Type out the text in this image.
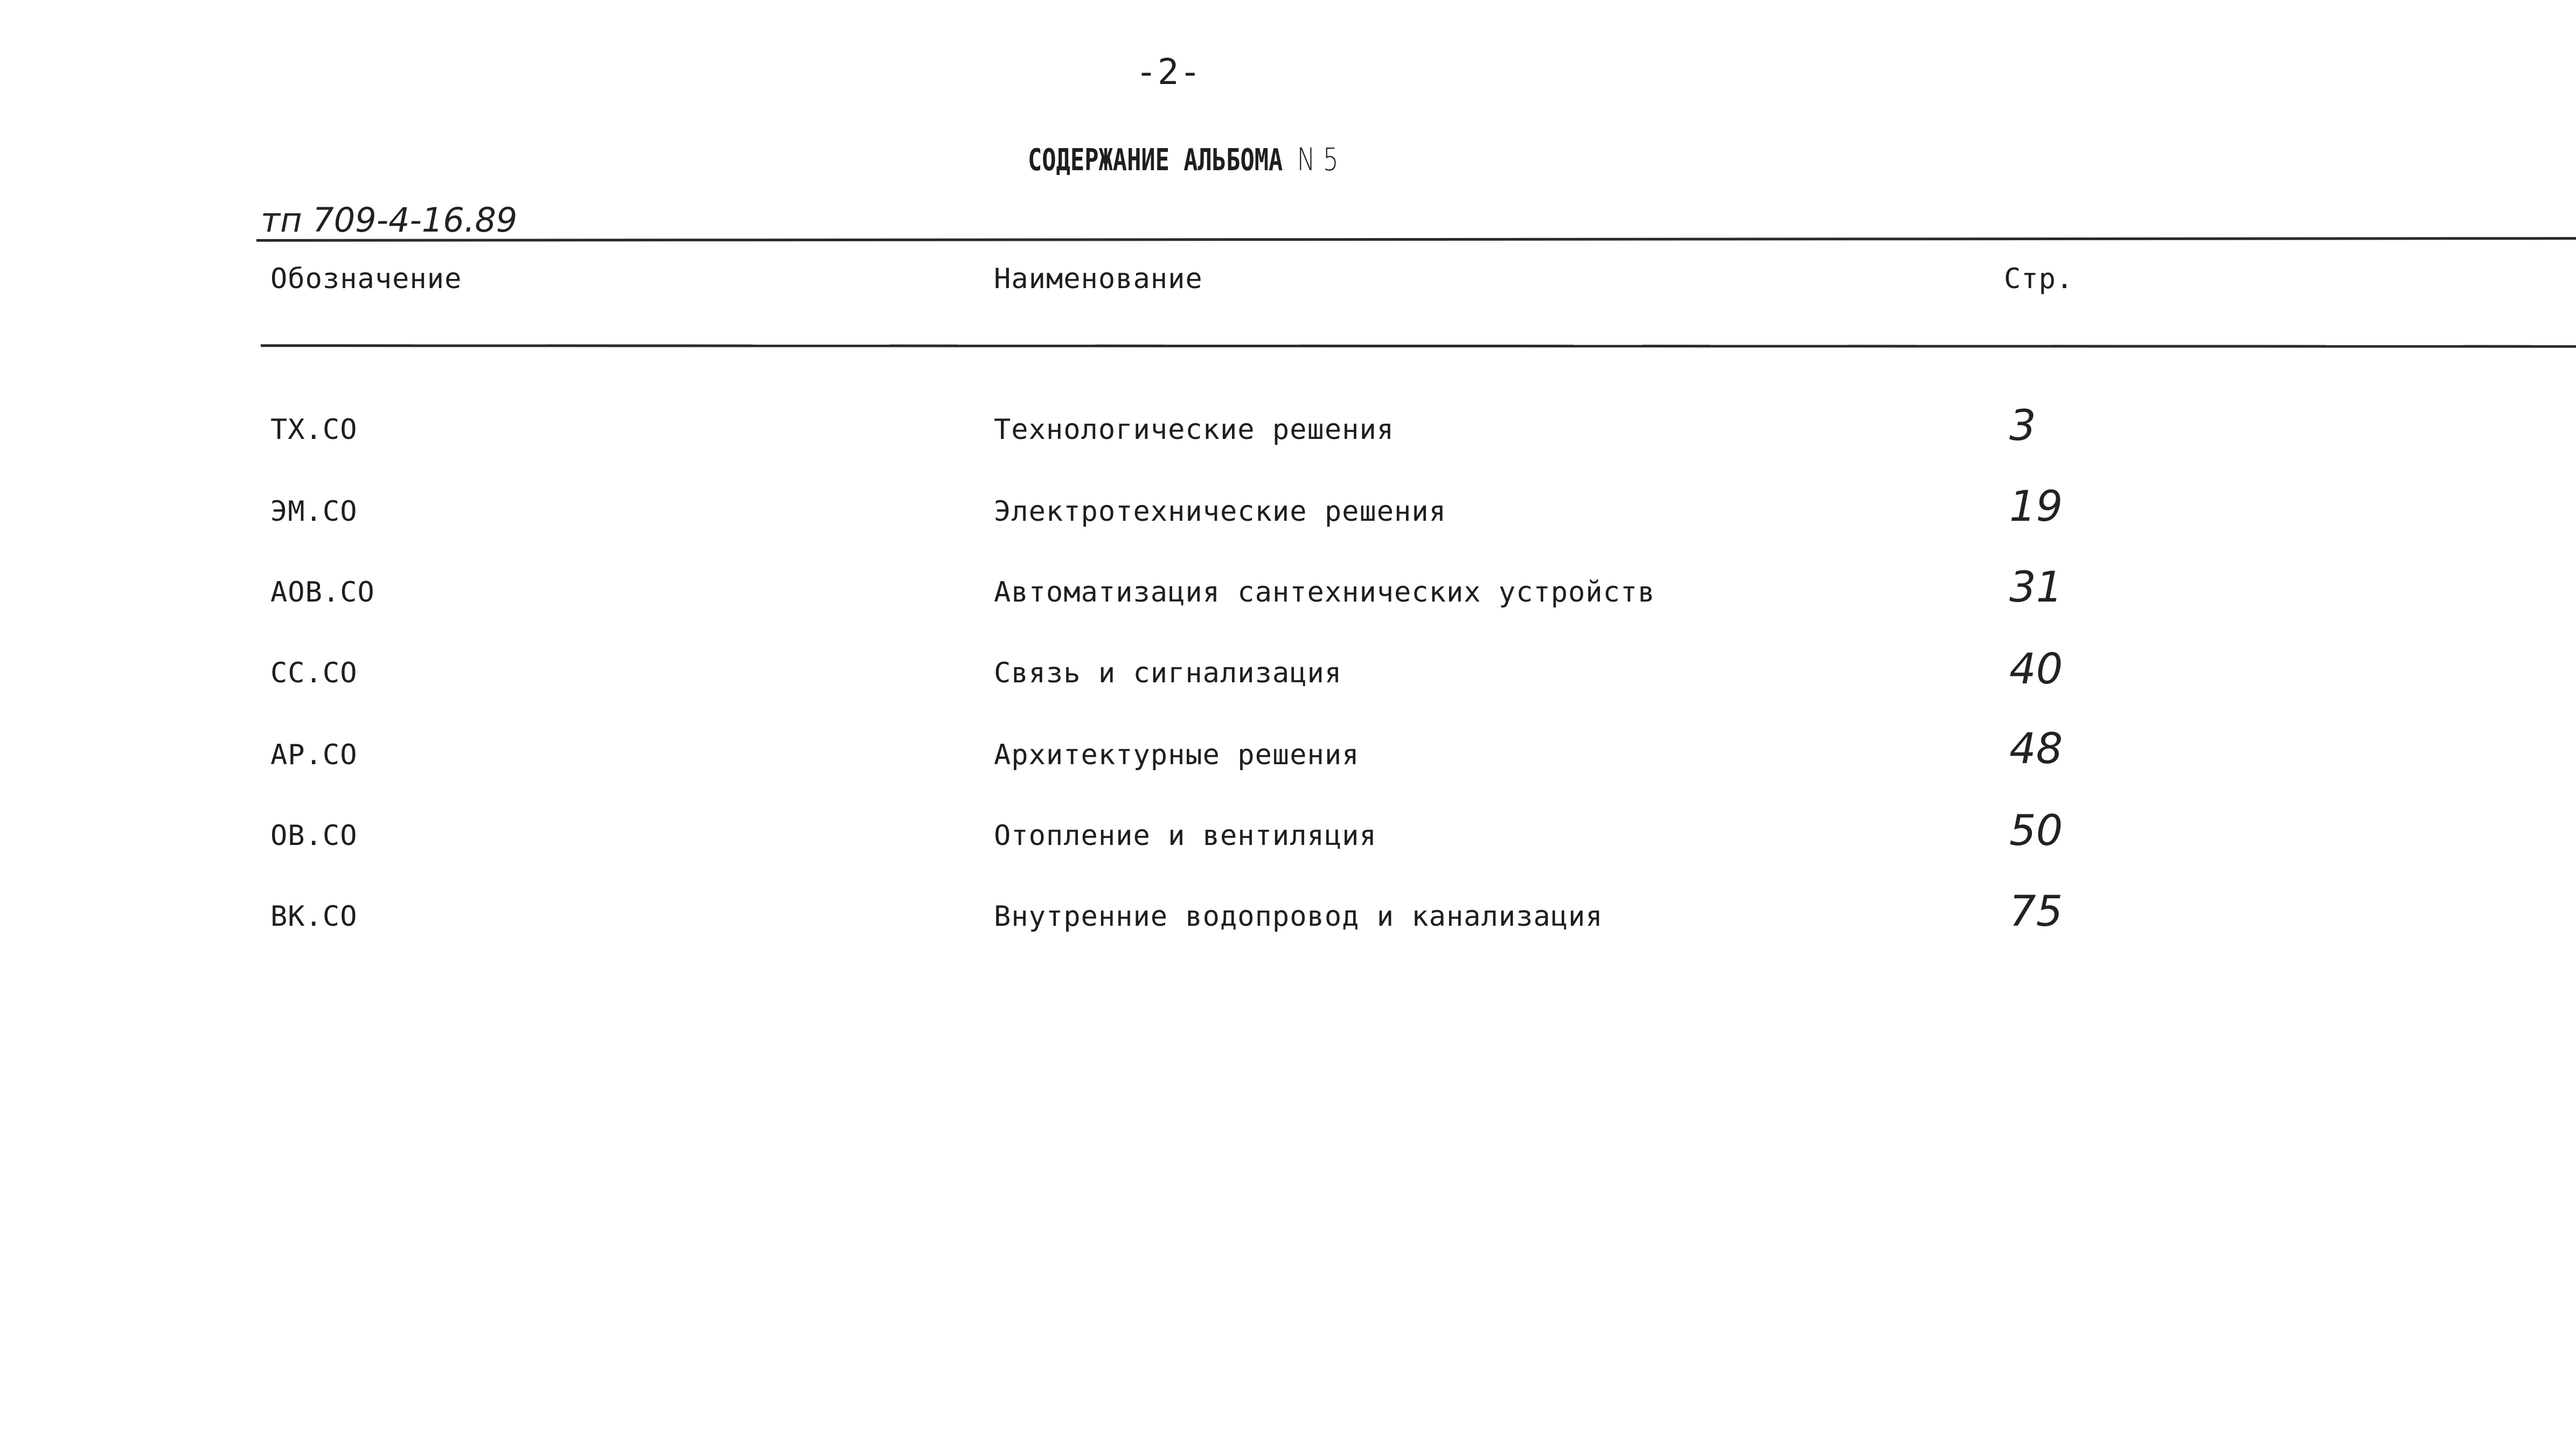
-2-
СОДЕРЖАНИЕ АЛЬБОМА N 5
тп 709-4-16.89
Обозначение	Наименование	Стр.
ТХ.СО	Технологические решения	3
ЭМ.СО	Электротехнические решения	19
АОВ.СО	Автоматизация сантехнических устройств	31
СС.СО	Связь и сигнализация	40
АР.СО	Архитектурные решения	48
ОВ.СО	Отопление и вентиляция	50
ВК.СО	Внутренние водопровод и канализация	75
